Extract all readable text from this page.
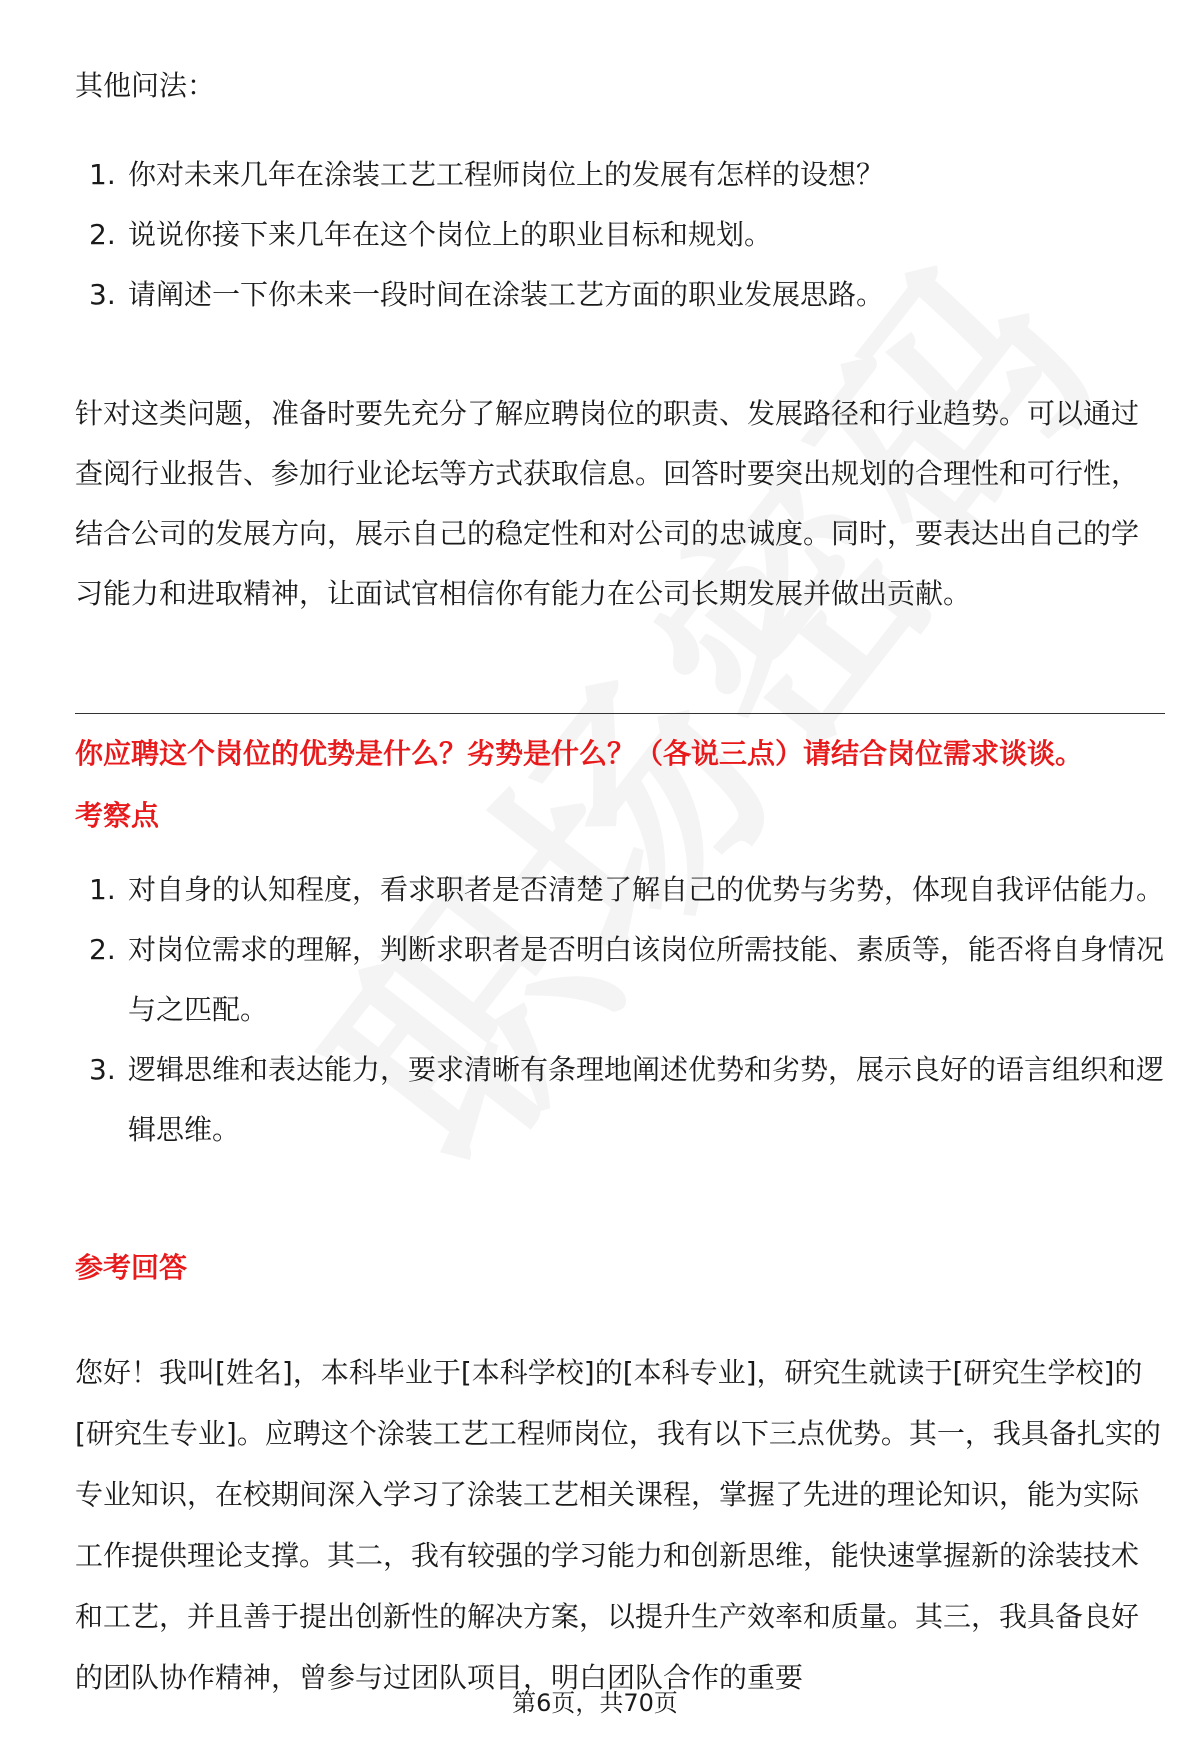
其他问法：

1. 你对未来几年在涂装工艺工程师岗位上的发展有怎样的设想？
2. 说说你接下来几年在这个岗位上的职业目标和规划。
3. 请阐述一下你未来一段时间在涂装工艺方面的职业发展思路。

针对这类问题，准备时要先充分了解应聘岗位的职责、发展路径和行业趋势。可以通过查阅行业报告、参加行业论坛等方式获取信息。回答时要突出规划的合理性和可行性，结合公司的发展方向，展示自己的稳定性和对公司的忠诚度。同时，要表达出自己的学习能力和进取精神，让面试官相信你有能力在公司长期发展并做出贡献。

你应聘这个岗位的优势是什么？劣势是什么？（各说三点）请结合岗位需求谈谈。
考察点
1. 对自身的认知程度，看求职者是否清楚了解自己的优势与劣势，体现自我评估能力。
2. 对岗位需求的理解，判断求职者是否明白该岗位所需技能、素质等，能否将自身情况与之匹配。
3. 逻辑思维和表达能力，要求清晰有条理地阐述优势和劣势，展示良好的语言组织和逻辑思维。
参考回答

您好！我叫[姓名]，本科毕业于[本科学校]的[本科专业]，研究生就读于[研究生学校]的[研究生专业]。应聘这个涂装工艺工程师岗位，我有以下三点优势。其一，我具备扎实的专业知识，在校期间深入学习了涂装工艺相关课程，掌握了先进的理论知识，能为实际工作提供理论支撑。其二，我有较强的学习能力和创新思维，能快速掌握新的涂装技术和工艺，并且善于提出创新性的解决方案，以提升生产效率和质量。其三，我具备良好的团队协作精神，曾参与过团队项目，明白团队合作的重要

第6页，共70页
